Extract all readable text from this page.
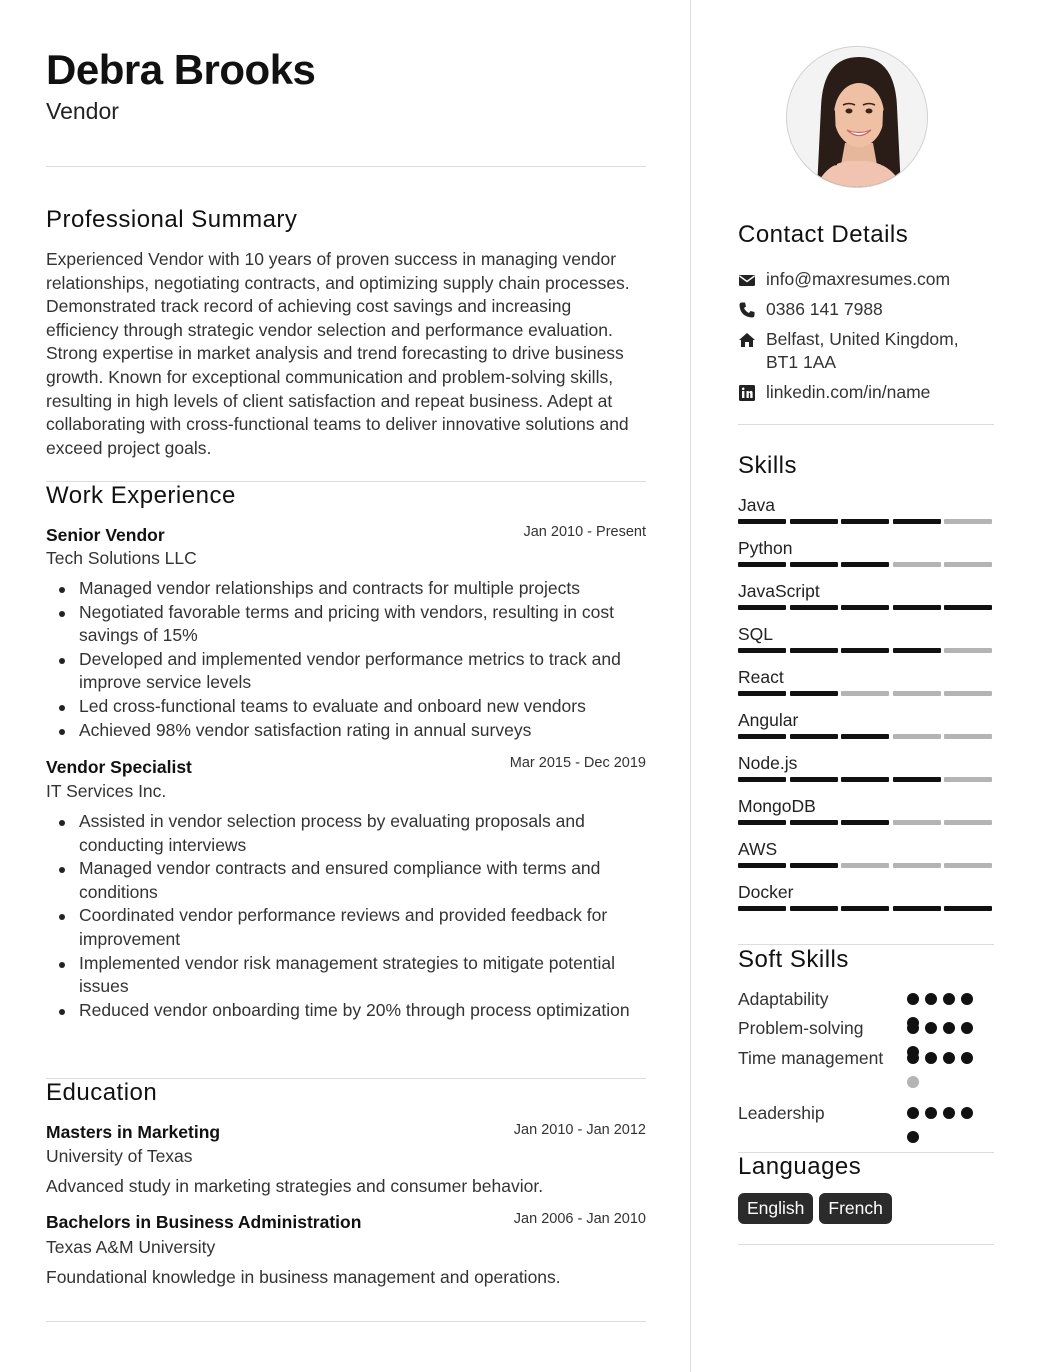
Debra Brooks
Vendor
Professional Summary
Experienced Vendor with 10 years of proven success in managing vendor relationships, negotiating contracts, and optimizing supply chain processes. Demonstrated track record of achieving cost savings and increasing efficiency through strategic vendor selection and performance evaluation. Strong expertise in market analysis and trend forecasting to drive business growth. Known for exceptional communication and problem-solving skills, resulting in high levels of client satisfaction and repeat business. Adept at collaborating with cross-functional teams to deliver innovative solutions and exceed project goals.
Work Experience
Senior Vendor	Jan 2010 - Present
Tech Solutions LLC
Managed vendor relationships and contracts for multiple projects
Negotiated favorable terms and pricing with vendors, resulting in cost savings of 15%
Developed and implemented vendor performance metrics to track and improve service levels
Led cross-functional teams to evaluate and onboard new vendors
Achieved 98% vendor satisfaction rating in annual surveys
Vendor Specialist	Mar 2015 - Dec 2019
IT Services Inc.
Assisted in vendor selection process by evaluating proposals and conducting interviews
Managed vendor contracts and ensured compliance with terms and conditions
Coordinated vendor performance reviews and provided feedback for improvement
Implemented vendor risk management strategies to mitigate potential issues
Reduced vendor onboarding time by 20% through process optimization
Education
Masters in Marketing	Jan 2010 - Jan 2012
University of Texas
Advanced study in marketing strategies and consumer behavior.
Bachelors in Business Administration	Jan 2006 - Jan 2010
Texas A&M University
Foundational knowledge in business management and operations.
Contact Details
info@maxresumes.com
0386 141 7988
Belfast, United Kingdom, BT1 1AA
linkedin.com/in/name
Skills
Java
Python
JavaScript
SQL
React
Angular
Node.js
MongoDB
AWS
Docker
Soft Skills
Adaptability
Problem-solving
Time management
Leadership
Languages
English French
